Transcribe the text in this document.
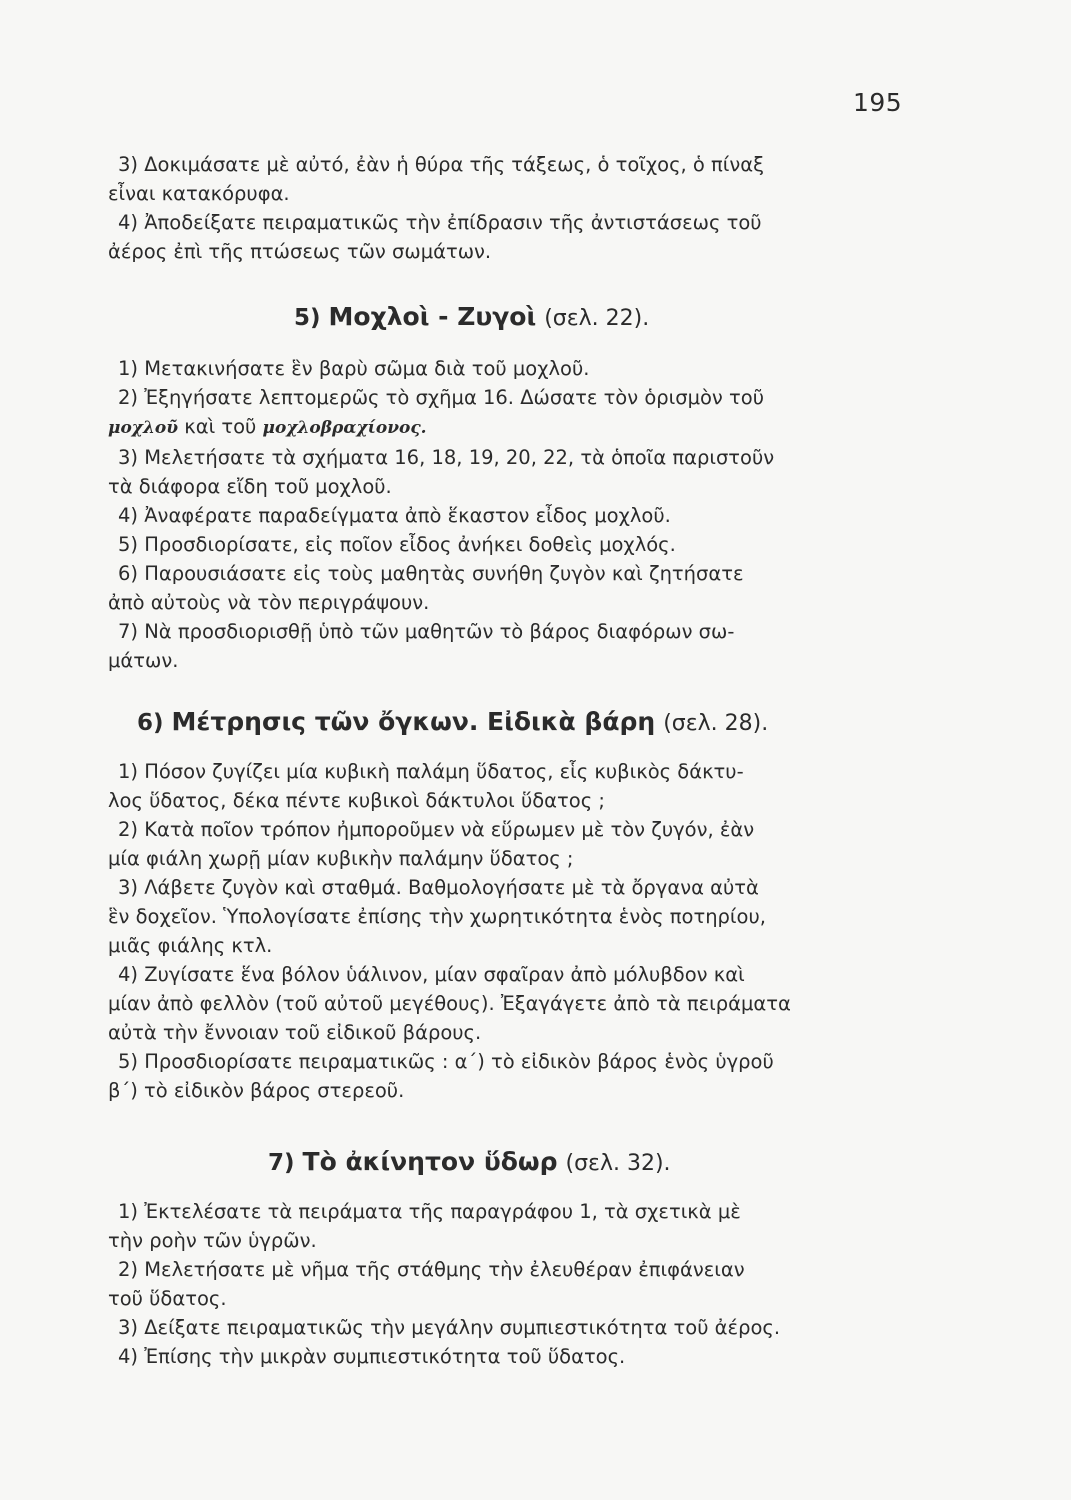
195

3) Δοκιμάσατε μὲ αὐτό, ἐὰν ἡ θύρα τῆς τάξεως, ὁ τοῖχος, ὁ πίναξ

εἶναι κατακόρυφα.

4) Ἀποδείξατε πειραματικῶς τὴν ἐπίδρασιν τῆς ἀντιστάσεως τοῦ

ἀέρος ἐπὶ τῆς πτώσεως τῶν σωμάτων.

5) Μοχλοὶ - Ζυγοὶ (σελ. 22).

1) Μετακινήσατε ἓν βαρὺ σῶμα διὰ τοῦ μοχλοῦ.

2) Ἐξηγήσατε λεπτομερῶς τὸ σχῆμα 16. Δώσατε τὸν ὁρισμὸν τοῦ

μοχλοῦ καὶ τοῦ μοχλοβραχίονος.

3) Μελετήσατε τὰ σχήματα 16, 18, 19, 20, 22, τὰ ὁποῖα παριστοῦν

τὰ διάφορα εἴδη τοῦ μοχλοῦ.

4) Ἀναφέρατε παραδείγματα ἀπὸ ἕκαστον εἶδος μοχλοῦ.

5) Προσδιορίσατε, εἰς ποῖον εἶδος ἀνήκει δοθεὶς μοχλός.

6) Παρουσιάσατε εἰς τοὺς μαθητὰς συνήθη ζυγὸν καὶ ζητήσατε

ἀπὸ αὐτοὺς νὰ τὸν περιγράψουν.

7) Νὰ προσδιορισθῇ ὑπὸ τῶν μαθητῶν τὸ βάρος διαφόρων σω-

μάτων.

6) Μέτρησις τῶν ὄγκων. Εἰδικὰ βάρη (σελ. 28).

1) Πόσον ζυγίζει μία κυβικὴ παλάμη ὕδατος, εἷς κυβικὸς δάκτυ-

λος ὕδατος, δέκα πέντε κυβικοὶ δάκτυλοι ὕδατος ;

2) Κατὰ ποῖον τρόπον ἠμποροῦμεν νὰ εὕρωμεν μὲ τὸν ζυγόν, ἐὰν

μία φιάλη χωρῇ μίαν κυβικὴν παλάμην ὕδατος ;

3) Λάβετε ζυγὸν καὶ σταθμά. Βαθμολογήσατε μὲ τὰ ὄργανα αὐτὰ

ἓν δοχεῖον. Ὑπολογίσατε ἐπίσης τὴν χωρητικότητα ἑνὸς ποτηρίου,

μιᾶς φιάλης κτλ.

4) Ζυγίσατε ἕνα βόλον ὑάλινον, μίαν σφαῖραν ἀπὸ μόλυβδον καὶ

μίαν ἀπὸ φελλὸν (τοῦ αὐτοῦ μεγέθους). Ἐξαγάγετε ἀπὸ τὰ πειράματα

αὐτὰ τὴν ἔννοιαν τοῦ εἰδικοῦ βάρους.

5) Προσδιορίσατε πειραματικῶς : α΄) τὸ εἰδικὸν βάρος ἑνὸς ὑγροῦ

β΄) τὸ εἰδικὸν βάρος στερεοῦ.

7) Τὸ ἀκίνητον ὕδωρ (σελ. 32).

1) Ἐκτελέσατε τὰ πειράματα τῆς παραγράφου 1, τὰ σχετικὰ μὲ

τὴν ροὴν τῶν ὑγρῶν.

2) Μελετήσατε μὲ νῆμα τῆς στάθμης τὴν ἐλευθέραν ἐπιφάνειαν

τοῦ ὕδατος.

3) Δείξατε πειραματικῶς τὴν μεγάλην συμπιεστικότητα τοῦ ἀέρος.

4) Ἐπίσης τὴν μικρὰν συμπιεστικότητα τοῦ ὕδατος.
